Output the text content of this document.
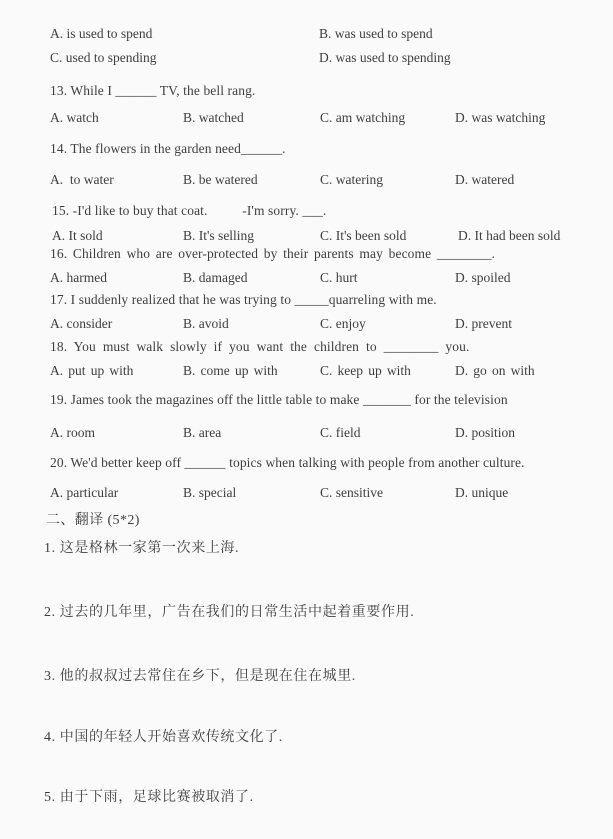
A. is used to spend	B. was used to spend
C. used to spending	D. was used to spending
13. While I ______ TV, the bell rang.
A. watch	B. watched	C. am watching	D. was watching
14. The flowers in the garden need______.
A.  to water	B. be watered	C. watering	D. watered
15. -I'd like to buy that coat.          -I'm sorry. ___.
A. It sold	B. It's selling	C. It's been sold	D. It had been sold
16. Children who are over-protected by their parents may become ________.
A. harmed	B. damaged	C. hurt	D. spoiled
17. I suddenly realized that he was trying to _____quarreling with me.
A. consider	B. avoid	C. enjoy	D. prevent
18. You must walk slowly if you want the children to ________ you.
A. put up with	B. come up with	C. keep up with	D. go on with
19. James took the magazines off the little table to make _______ for the television
A. room	B. area	C. field	D. position
20. We'd better keep off ______ topics when talking with people from another culture.
A. particular	B. special	C. sensitive	D. unique
二、翻译 (5*2)
1. 这是格林一家第一次来上海.
2. 过去的几年里，广告在我们的日常生活中起着重要作用.
3. 他的叔叔过去常住在乡下，但是现在住在城里.
4. 中国的年轻人开始喜欢传统文化了.
5. 由于下雨，足球比赛被取消了.
